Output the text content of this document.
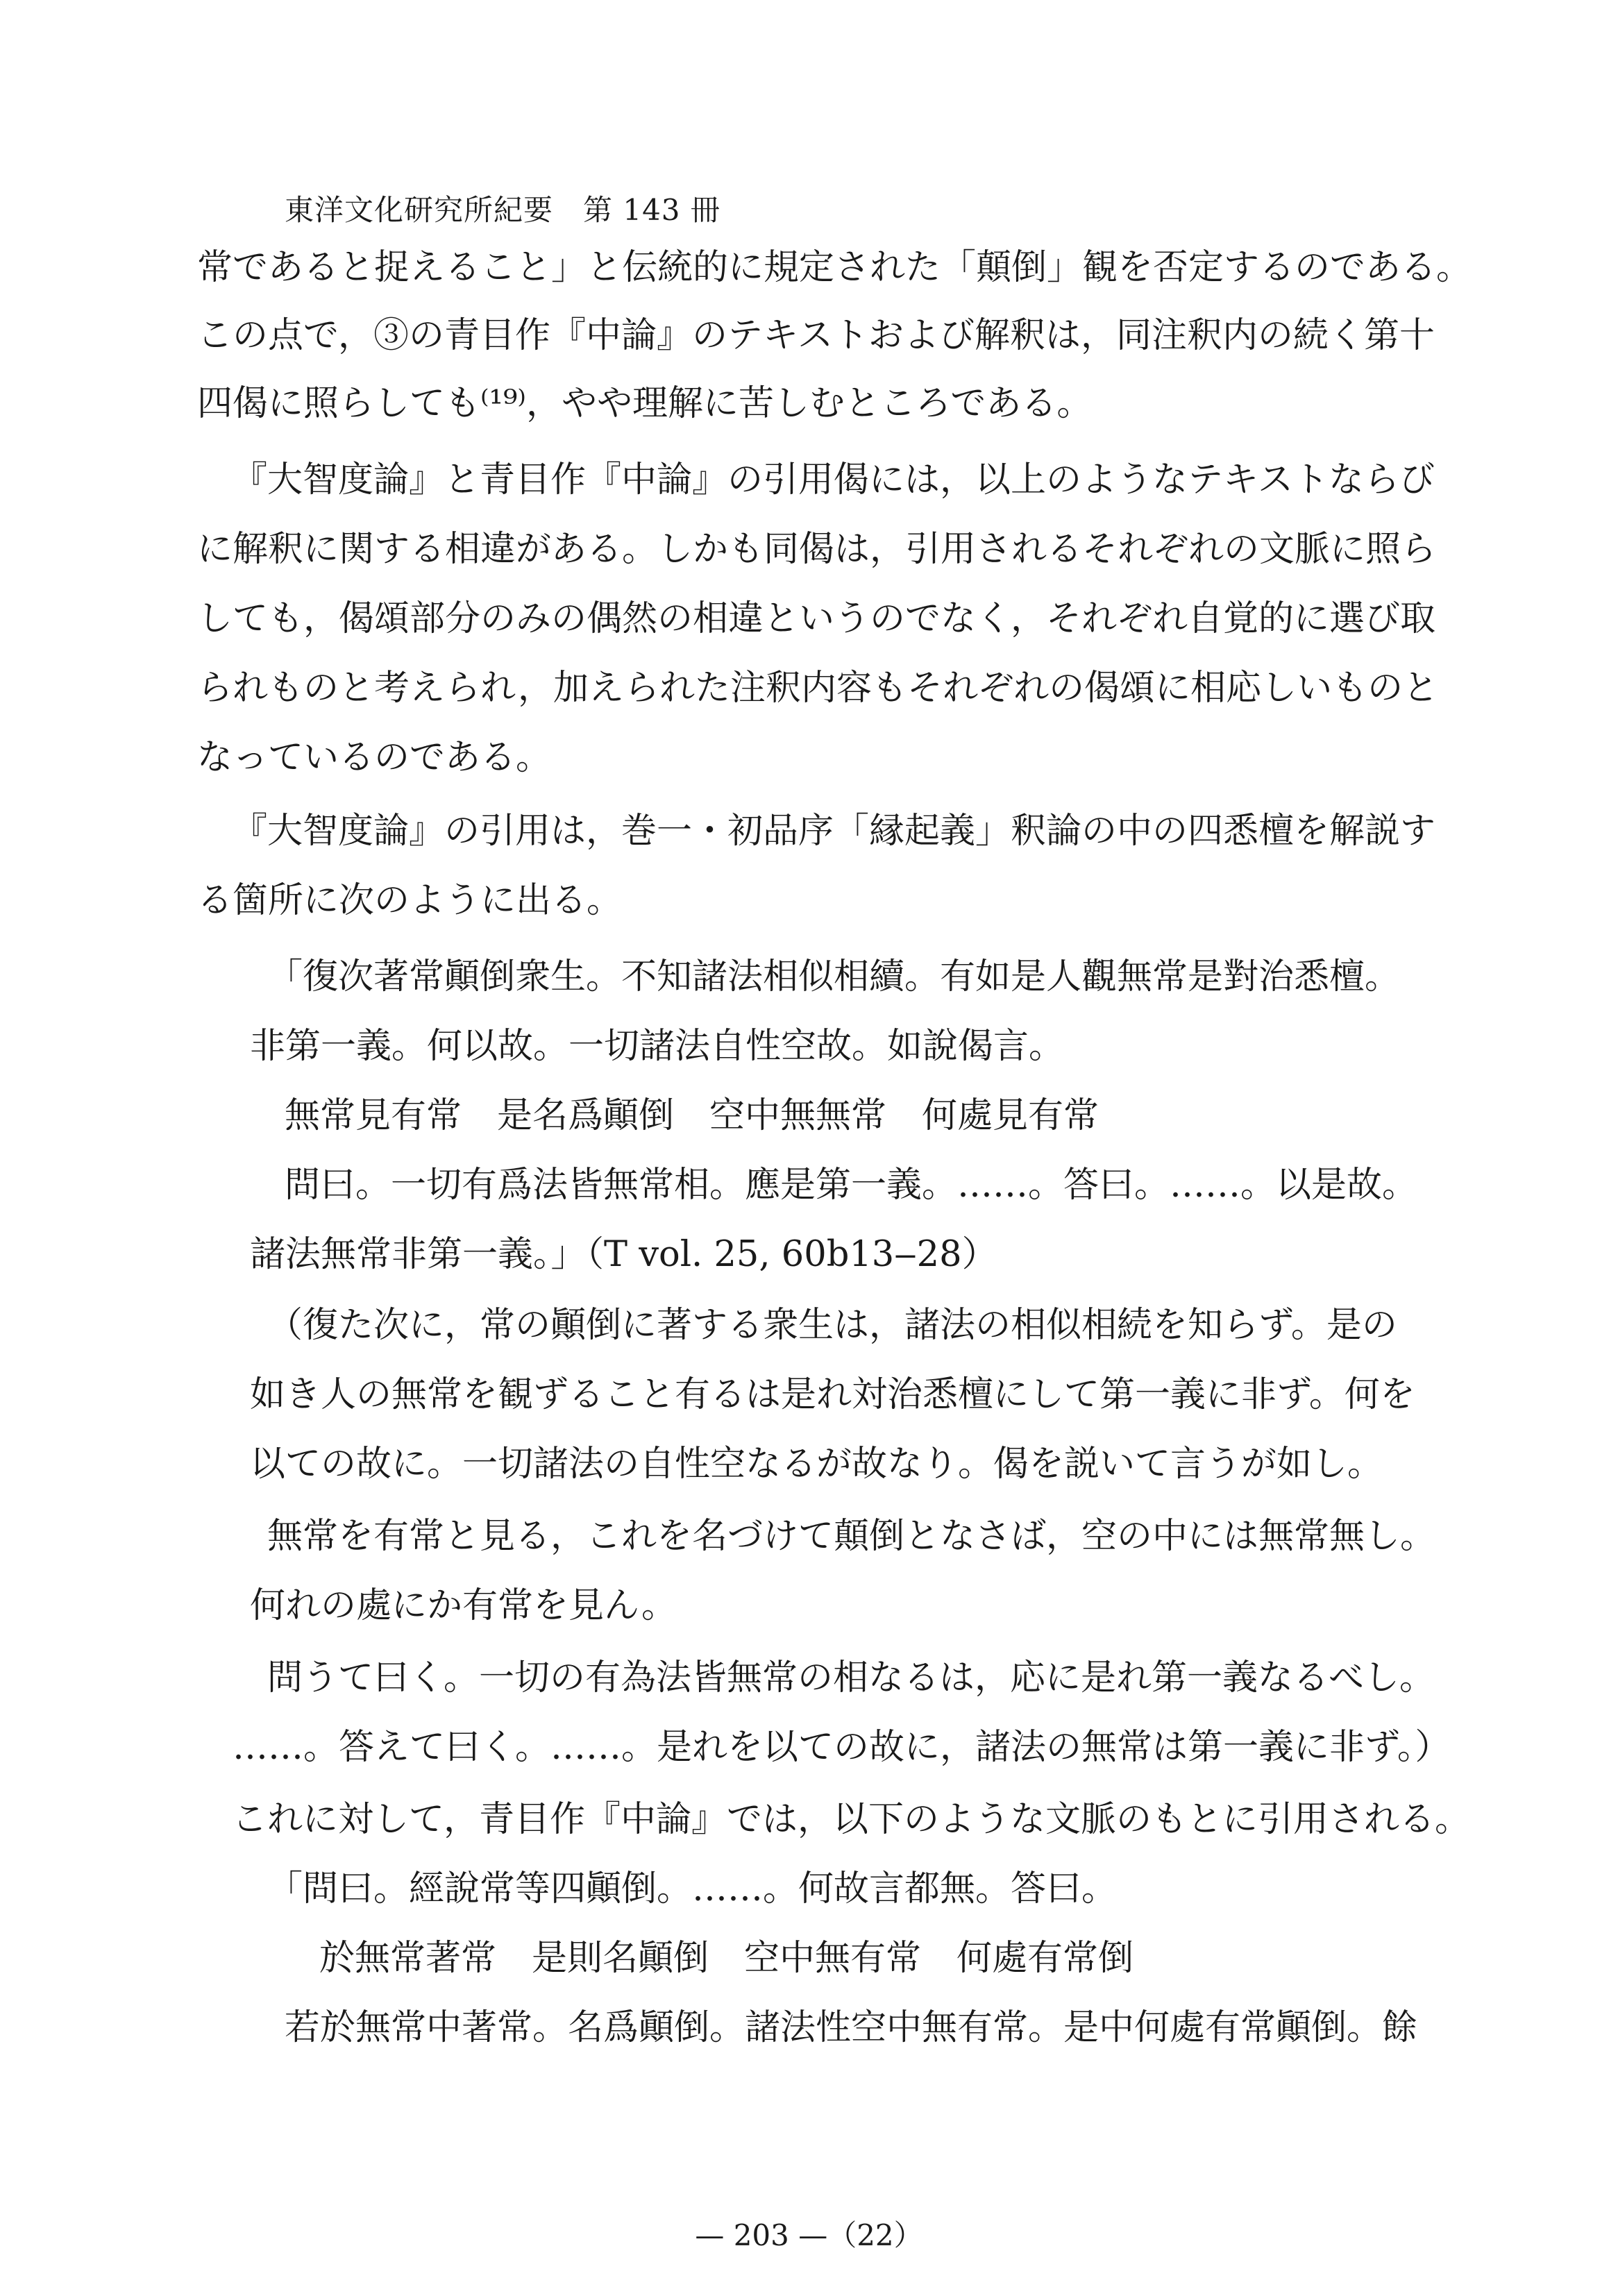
東洋文化研究所紀要　第 143 冊
常であると捉えること」と伝統的に規定された「顛倒」観を否定するのである。
この点で，③の青目作『中論』のテキストおよび解釈は，同注釈内の続く第十
四偈に照らしても⁽¹⁹⁾，やや理解に苦しむところである。
『大智度論』と青目作『中論』の引用偈には，以上のようなテキストならび
に解釈に関する相違がある。しかも同偈は，引用されるそれぞれの文脈に照ら
しても，偈頌部分のみの偶然の相違というのでなく，それぞれ自覚的に選び取
られものと考えられ，加えられた注釈内容もそれぞれの偈頌に相応しいものと
なっているのである。
『大智度論』の引用は，巻一・初品序「縁起義」釈論の中の四悉檀を解説す
る箇所に次のように出る。
「復次著常顚倒衆生。不知諸法相似相續。有如是人觀無常是對治悉檀。
非第一義。何以故。一切諸法自性空故。如說偈言。
無常見有常　是名爲顚倒　空中無無常　何處見有常
問曰。一切有爲法皆無常相。應是第一義。……。答曰。……。以是故。
諸法無常非第一義。」（T vol. 25, 60b13‒28）
（復た次に，常の顚倒に著する衆生は，諸法の相似相続を知らず。是の
如き人の無常を観ずること有るは是れ対治悉檀にして第一義に非ず。何を
以ての故に。一切諸法の自性空なるが故なり。偈を説いて言うが如し。
無常を有常と見る，これを名づけて顛倒となさば，空の中には無常無し。
何れの處にか有常を見ん。
問うて曰く。一切の有為法皆無常の相なるは，応に是れ第一義なるべし。
……。答えて曰く。……。是れを以ての故に，諸法の無常は第一義に非ず。）
これに対して，青目作『中論』では，以下のような文脈のもとに引用される。
「問曰。經說常等四顚倒。……。何故言都無。答曰。
於無常著常　是則名顚倒　空中無有常　何處有常倒
若於無常中著常。名爲顚倒。諸法性空中無有常。是中何處有常顚倒。餘
— 203 —（22）
